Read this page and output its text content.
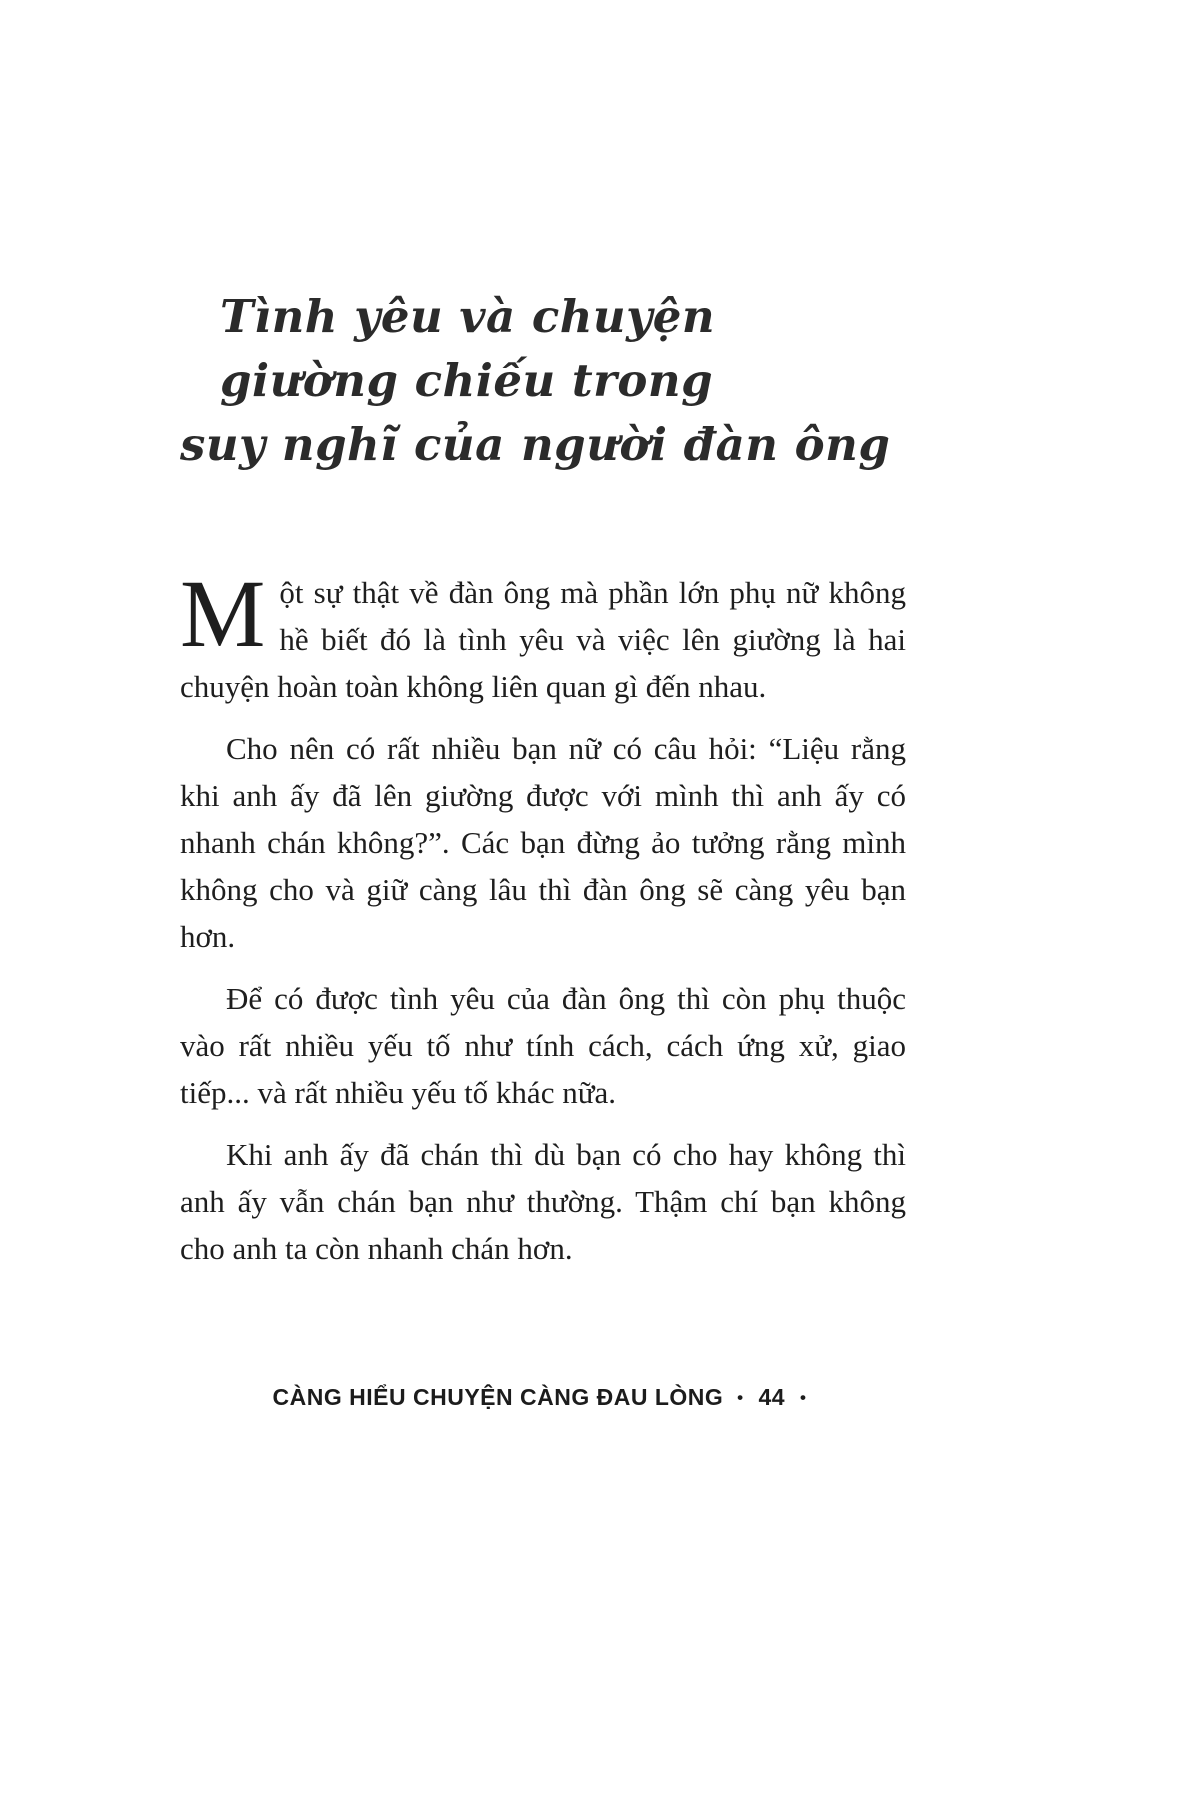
Tình yêu và chuyện giường chiếu trong
suy nghĩ của người đàn ông

Một sự thật về đàn ông mà phần lớn phụ nữ không hề biết đó là tình yêu và việc lên giường là hai chuyện hoàn toàn không liên quan gì đến nhau.

Cho nên có rất nhiều bạn nữ có câu hỏi: “Liệu rằng khi anh ấy đã lên giường được với mình thì anh ấy có nhanh chán không?”. Các bạn đừng ảo tưởng rằng mình không cho và giữ càng lâu thì đàn ông sẽ càng yêu bạn hơn.

Để có được tình yêu của đàn ông thì còn phụ thuộc vào rất nhiều yếu tố như tính cách, cách ứng xử, giao tiếp... và rất nhiều yếu tố khác nữa.

Khi anh ấy đã chán thì dù bạn có cho hay không thì anh ấy vẫn chán bạn như thường. Thậm chí bạn không cho anh ta còn nhanh chán hơn.

CÀNG HIỂU CHUYỆN CÀNG ĐAU LÒNG • 44 •
